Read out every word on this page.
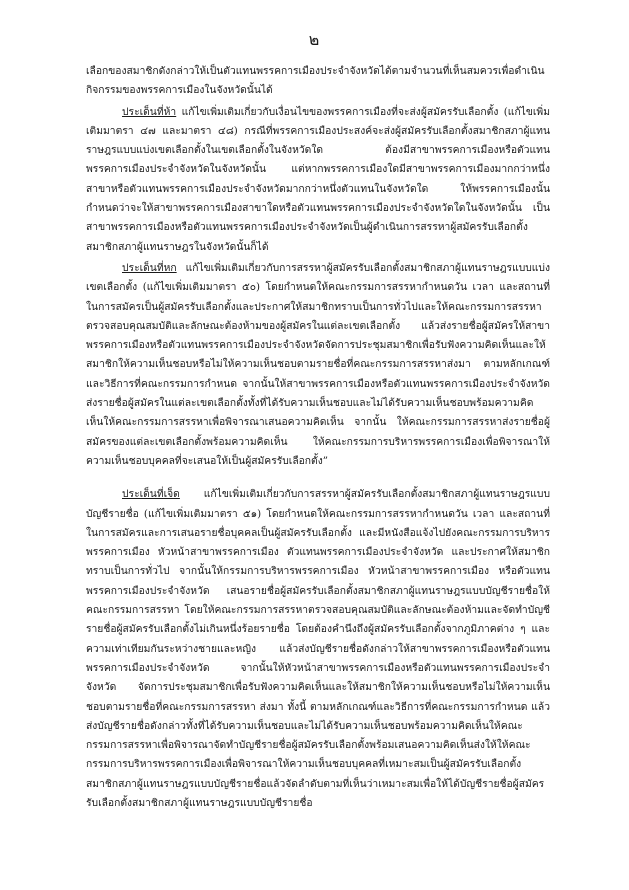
๒

เลือกของสมาชิกดังกล่าวให้เป็นตัวแทนพรรคการเมืองประจำจังหวัดได้ตามจำนวนที่เห็นสมควรเพื่อดำเนินกิจกรรมของพรรคการเมืองในจังหวัดนั้นได้

ประเด็นที่ห้า แก้ไขเพิ่มเติมเกี่ยวกับเงื่อนไขของพรรคการเมืองที่จะส่งผู้สมัครรับเลือกตั้ง (แก้ไขเพิ่มเติมมาตรา ๔๗ และมาตรา ๔๘) กรณีที่พรรคการเมืองประสงค์จะส่งผู้สมัครรับเลือกตั้งสมาชิกสภาผู้แทนราษฎรแบบแบ่งเขตเลือกตั้งในเขตเลือกตั้งในจังหวัดใด ต้องมีสาขาพรรคการเมืองหรือตัวแทนพรรคการเมืองประจำจังหวัดในจังหวัดนั้น แต่หากพรรคการเมืองใดมีสาขาพรรคการเมืองมากกว่าหนึ่งสาขาหรือตัวแทนพรรคการเมืองประจำจังหวัดมากกว่าหนึ่งตัวแทนในจังหวัดใด ให้พรรคการเมืองนั้นกำหนดว่าจะให้สาขาพรรคการเมืองสาขาใดหรือตัวแทนพรรคการเมืองประจำจังหวัดใดในจังหวัดนั้น เป็นสาขาพรรคการเมืองหรือตัวแทนพรรคการเมืองประจำจังหวัดเป็นผู้ดำเนินการสรรหาผู้สมัครรับเลือกตั้งสมาชิกสภาผู้แทนราษฎรในจังหวัดนั้นก็ได้

ประเด็นที่หก แก้ไขเพิ่มเติมเกี่ยวกับการสรรหาผู้สมัครรับเลือกตั้งสมาชิกสภาผู้แทนราษฎรแบบแบ่งเขตเลือกตั้ง (แก้ไขเพิ่มเติมมาตรา ๕๐) โดยกำหนดให้คณะกรรมการสรรหากำหนดวัน เวลา และสถานที่ในการสมัครเป็นผู้สมัครรับเลือกตั้งและประกาศให้สมาชิกทราบเป็นการทั่วไปและให้คณะกรรมการสรรหาตรวจสอบคุณสมบัติและลักษณะต้องห้ามของผู้สมัครในแต่ละเขตเลือกตั้ง แล้วส่งรายชื่อผู้สมัครให้สาขาพรรคการเมืองหรือตัวแทนพรรคการเมืองประจำจังหวัดจัดการประชุมสมาชิกเพื่อรับฟังความคิดเห็นและให้สมาชิกให้ความเห็นชอบหรือไม่ให้ความเห็นชอบตามรายชื่อที่คณะกรรมการสรรหาส่งมา ตามหลักเกณฑ์และวิธีการที่คณะกรรมการกำหนด จากนั้นให้สาขาพรรคการเมืองหรือตัวแทนพรรคการเมืองประจำจังหวัดส่งรายชื่อผู้สมัครในแต่ละเขตเลือกตั้งทั้งที่ได้รับความเห็นชอบและไม่ได้รับความเห็นชอบพร้อมความคิดเห็นให้คณะกรรมการสรรหาเพื่อพิจารณาเสนอความคิดเห็น จากนั้น ให้คณะกรรมการสรรหาส่งรายชื่อผู้สมัครของแต่ละเขตเลือกตั้งพร้อมความคิดเห็น ให้คณะกรรมการบริหารพรรคการเมืองเพื่อพิจารณาให้ความเห็นชอบบุคคลที่จะเสนอให้เป็นผู้สมัครรับเลือกตั้ง”

ประเด็นที่เจ็ด แก้ไขเพิ่มเติมเกี่ยวกับการสรรหาผู้สมัครรับเลือกตั้งสมาชิกสภาผู้แทนราษฎรแบบบัญชีรายชื่อ (แก้ไขเพิ่มเติมมาตรา ๕๑) โดยกำหนดให้คณะกรรมการสรรหากำหนดวัน เวลา และสถานที่ในการสมัครและการเสนอรายชื่อบุคคลเป็นผู้สมัครรับเลือกตั้ง และมีหนังสือแจ้งไปยังคณะกรรมการบริหารพรรคการเมือง หัวหน้าสาขาพรรคการเมือง ตัวแทนพรรคการเมืองประจำจังหวัด และประกาศให้สมาชิกทราบเป็นการทั่วไป จากนั้นให้กรรมการบริหารพรรคการเมือง หัวหน้าสาขาพรรคการเมือง หรือตัวแทนพรรคการเมืองประจำจังหวัด เสนอรายชื่อผู้สมัครรับเลือกตั้งสมาชิกสภาผู้แทนราษฎรแบบบัญชีรายชื่อให้คณะกรรมการสรรหา โดยให้คณะกรรมการสรรหาตรวจสอบคุณสมบัติและลักษณะต้องห้ามและจัดทำบัญชีรายชื่อผู้สมัครรับเลือกตั้งไม่เกินหนึ่งร้อยรายชื่อ โดยต้องคำนึงถึงผู้สมัครรับเลือกตั้งจากภูมิภาคต่าง ๆ และความเท่าเทียมกันระหว่างชายและหญิง แล้วส่งบัญชีรายชื่อดังกล่าวให้สาขาพรรคการเมืองหรือตัวแทนพรรคการเมืองประจำจังหวัด จากนั้นให้หัวหน้าสาขาพรรคการเมืองหรือตัวแทนพรรคการเมืองประจำจังหวัด จัดการประชุมสมาชิกเพื่อรับฟังความคิดเห็นและให้สมาชิกให้ความเห็นชอบหรือไม่ให้ความเห็นชอบตามรายชื่อที่คณะกรรมการสรรหา ส่งมา ทั้งนี้ ตามหลักเกณฑ์และวิธีการที่คณะกรรมการกำหนด แล้วส่งบัญชีรายชื่อดังกล่าวทั้งที่ได้รับความเห็นชอบและไม่ได้รับความเห็นชอบพร้อมความคิดเห็นให้คณะกรรมการสรรหาเพื่อพิจารณาจัดทำบัญชีรายชื่อผู้สมัครรับเลือกตั้งพร้อมเสนอความคิดเห็นส่งให้ให้คณะกรรมการบริหารพรรคการเมืองเพื่อพิจารณาให้ความเห็นชอบบุคคลที่เหมาะสมเป็นผู้สมัครรับเลือกตั้งสมาชิกสภาผู้แทนราษฎรแบบบัญชีรายชื่อแล้วจัดลำดับตามที่เห็นว่าเหมาะสมเพื่อให้ได้บัญชีรายชื่อผู้สมัครรับเลือกตั้งสมาชิกสภาผู้แทนราษฎรแบบบัญชีรายชื่อ
